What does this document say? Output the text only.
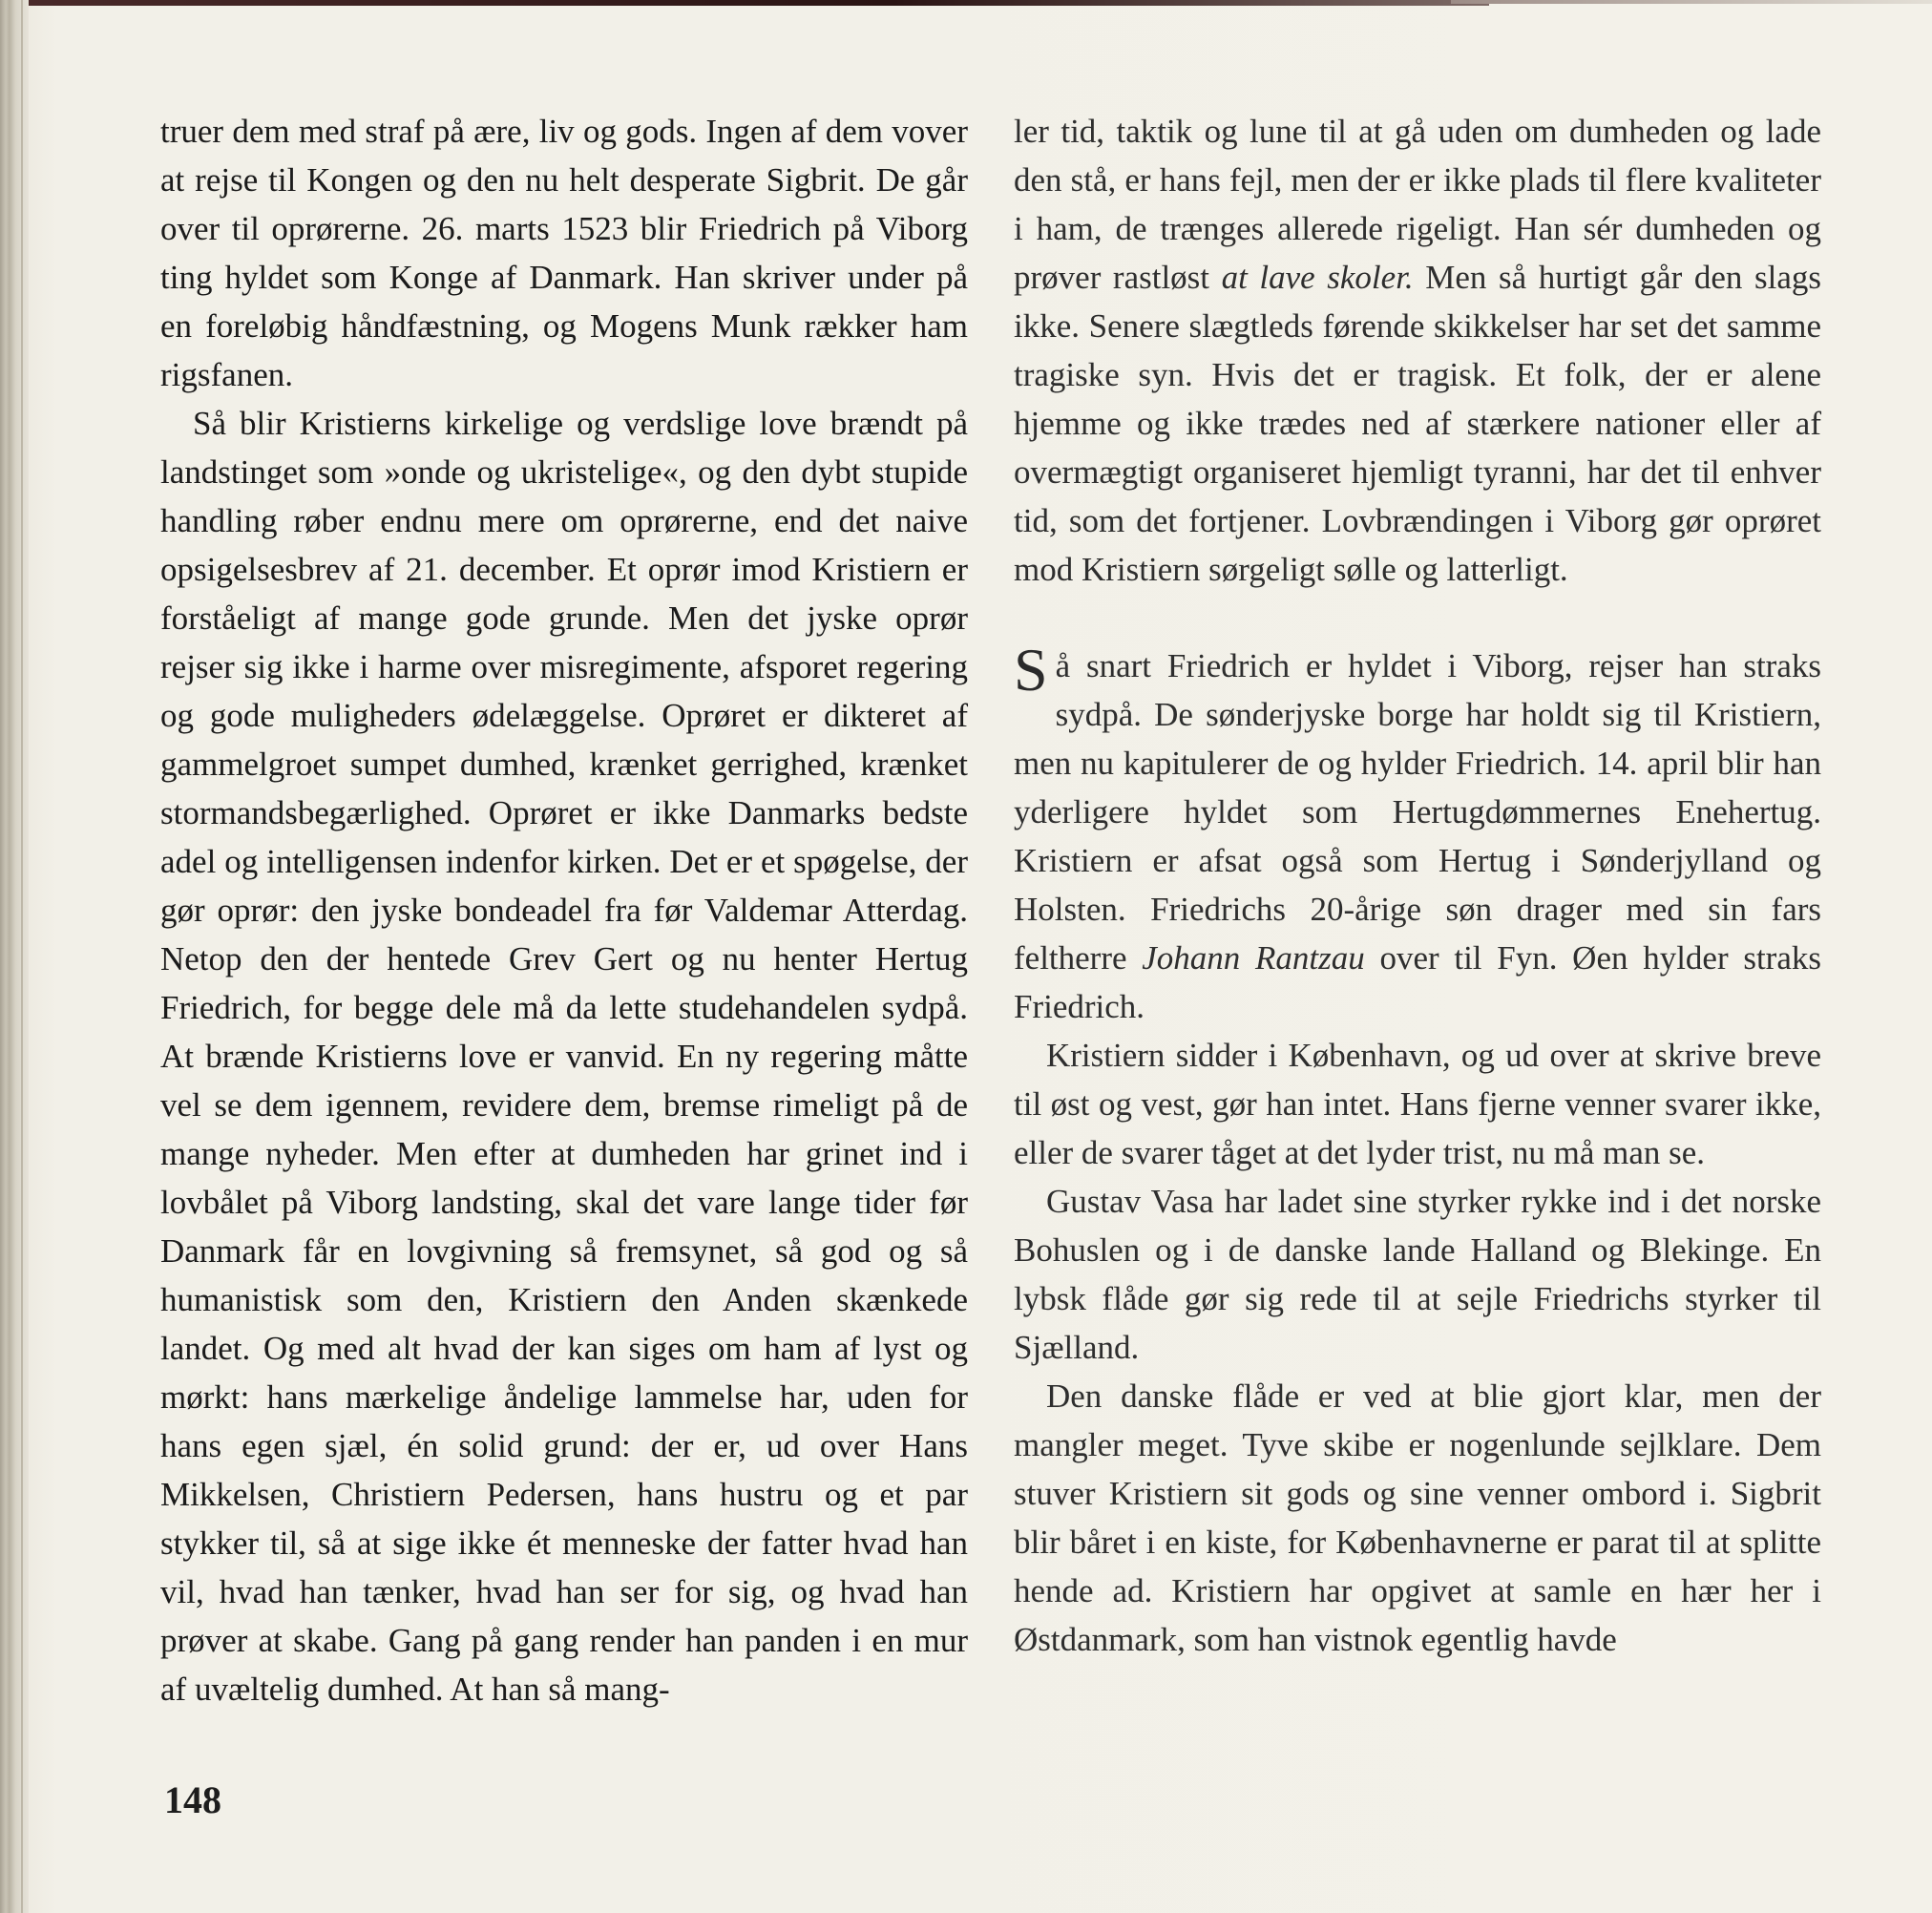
truer dem med straf på ære, liv og gods. Ingen af dem vover at rejse til Kongen og den nu helt desperate Sigbrit. De går over til oprørerne. 26. marts 1523 blir Friedrich på Viborg ting hyldet som Konge af Danmark. Han skriver under på en foreløbig håndfæstning, og Mogens Munk rækker ham rigsfanen.

Så blir Kristierns kirkelige og verdslige love brændt på landstinget som »onde og ukristelige«, og den dybt stupide handling røber endnu mere om oprørerne, end det naive opsigelsesbrev af 21. december. Et oprør imod Kristiern er forståeligt af mange gode grunde. Men det jyske oprør rejser sig ikke i harme over misregimente, afsporet regering og gode muligheders ødelæggelse. Oprøret er dikteret af gammelgroet sumpet dumhed, krænket gerrighed, krænket stormandsbegærlighed. Oprøret er ikke Danmarks bedste adel og intelligensen indenfor kirken. Det er et spøgelse, der gør oprør: den jyske bondeadel fra før Valdemar Atterdag. Netop den der hentede Grev Gert og nu henter Hertug Friedrich, for begge dele må da lette studehandelen sydpå. At brænde Kristierns love er vanvid. En ny regering måtte vel se dem igennem, revidere dem, bremse rimeligt på de mange nyheder. Men efter at dumheden har grinet ind i lovbålet på Viborg landsting, skal det vare lange tider før Danmark får en lovgivning så fremsynet, så god og så humanistisk som den, Kristiern den Anden skænkede landet. Og med alt hvad der kan siges om ham af lyst og mørkt: hans mærkelige åndelige lammelse har, uden for hans egen sjæl, én solid grund: der er, ud over Hans Mikkelsen, Christiern Pedersen, hans hustru og et par stykker til, så at sige ikke ét menneske der fatter hvad han vil, hvad han tænker, hvad han ser for sig, og hvad han prøver at skabe. Gang på gang render han panden i en mur af uvæltelig dumhed. At han så mang-

ler tid, taktik og lune til at gå uden om dumheden og lade den stå, er hans fejl, men der er ikke plads til flere kvaliteter i ham, de trænges allerede rigeligt. Han sér dumheden og prøver rastløst at lave skoler. Men så hurtigt går den slags ikke. Senere slægtleds førende skikkelser har set det samme tragiske syn. Hvis det er tragisk. Et folk, der er alene hjemme og ikke trædes ned af stærkere nationer eller af overmægtigt organiseret hjemligt tyranni, har det til enhver tid, som det fortjener. Lovbrændingen i Viborg gør oprøret mod Kristiern sørgeligt sølle og latterligt.

Så snart Friedrich er hyldet i Viborg, rejser han straks sydpå. De sønderjyske borge har holdt sig til Kristiern, men nu kapitulerer de og hylder Friedrich. 14. april blir han yderligere hyldet som Hertugdømmernes Enehertug. Kristiern er afsat også som Hertug i Sønderjylland og Holsten. Friedrichs 20-årige søn drager med sin fars feltherre Johann Rantzau over til Fyn. Øen hylder straks Friedrich.

Kristiern sidder i København, og ud over at skrive breve til øst og vest, gør han intet. Hans fjerne venner svarer ikke, eller de svarer tåget at det lyder trist, nu må man se.

Gustav Vasa har ladet sine styrker rykke ind i det norske Bohuslen og i de danske lande Halland og Blekinge. En lybsk flåde gør sig rede til at sejle Friedrichs styrker til Sjælland.

Den danske flåde er ved at blie gjort klar, men der mangler meget. Tyve skibe er nogenlunde sejlklare. Dem stuver Kristiern sit gods og sine venner ombord i. Sigbrit blir båret i en kiste, for Københavnerne er parat til at splitte hende ad. Kristiern har opgivet at samle en hær her i Østdanmark, som han vistnok egentlig havde

148
